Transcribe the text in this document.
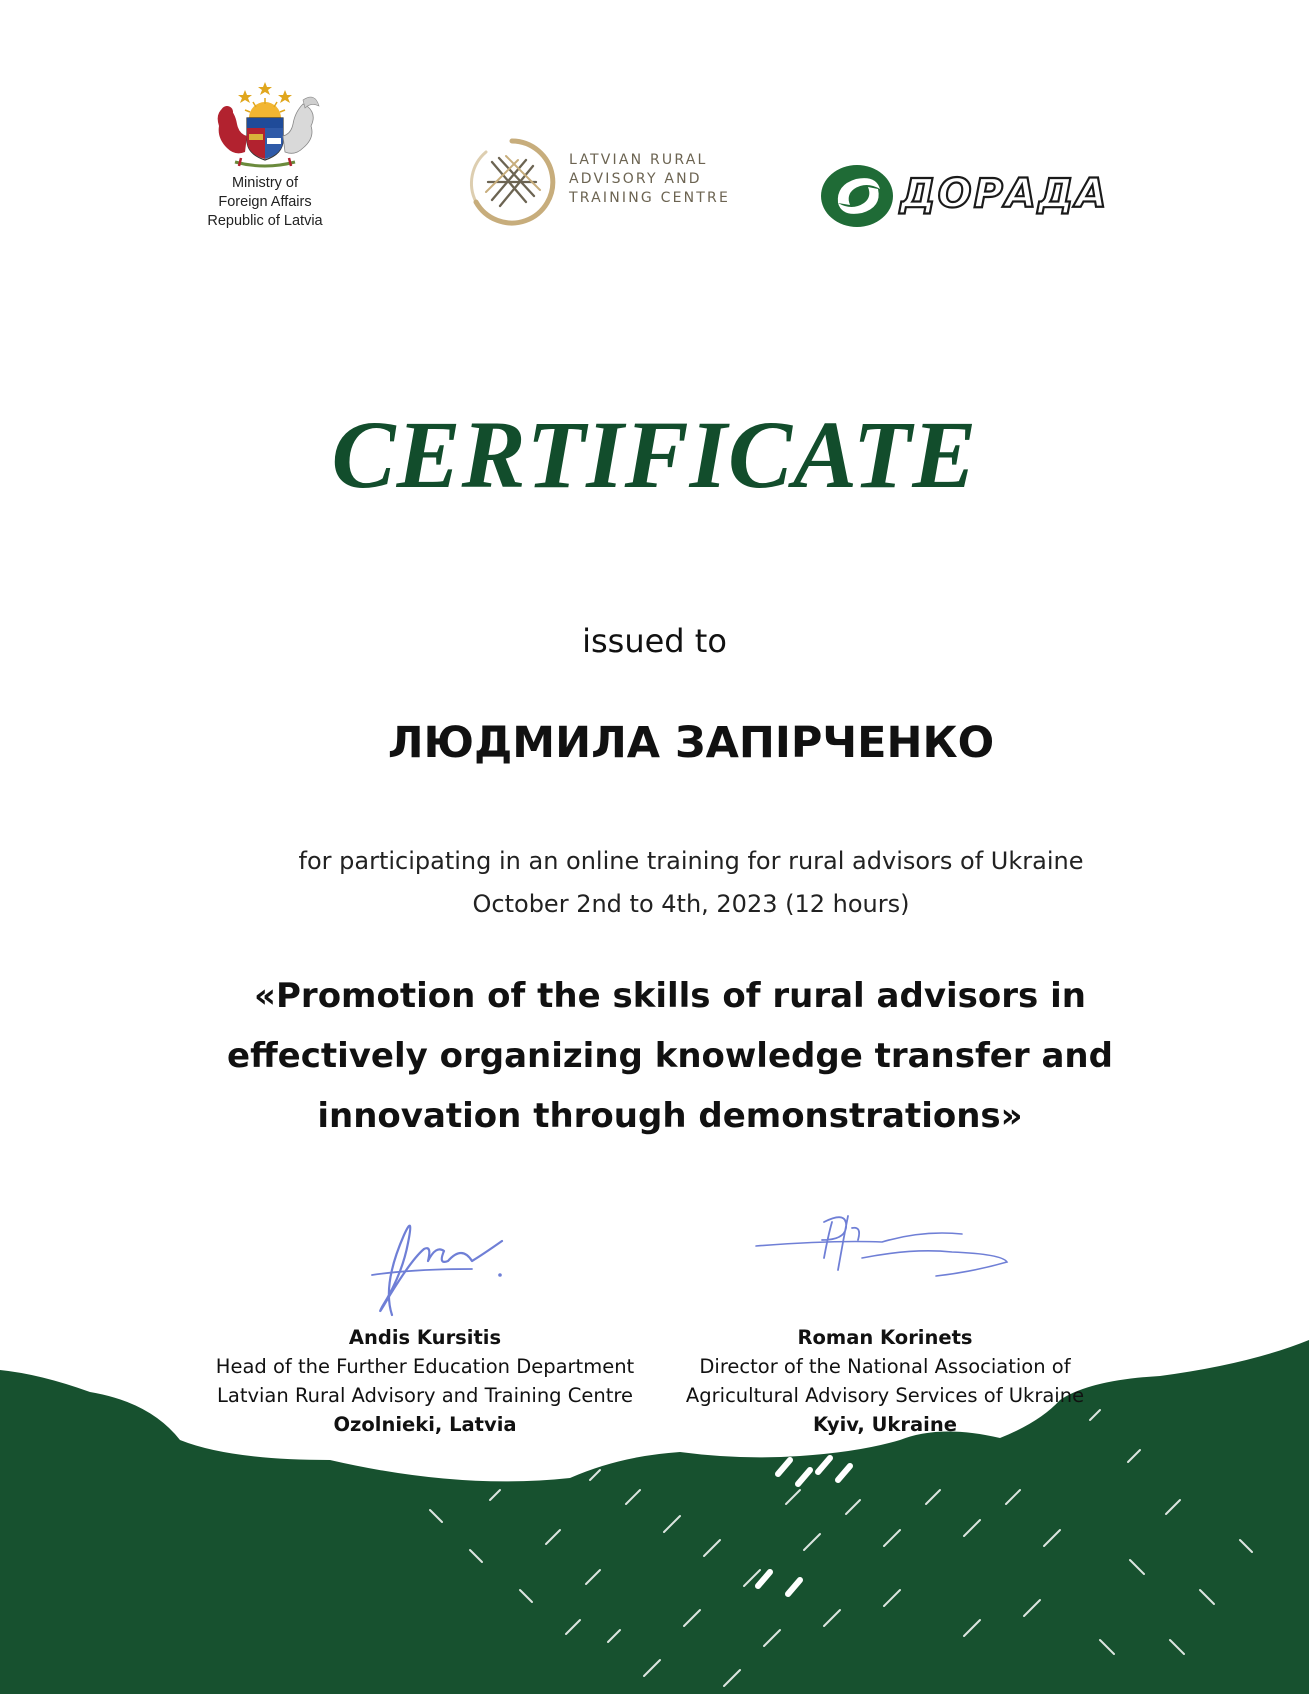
Ministry of
Foreign Affairs
Republic of Latvia
LATVIAN RURAL
ADVISORY AND
TRAINING CENTRE	ДОРАДА
CERTIFICATE
issued to
ЛЮДМИЛА ЗАПІРЧЕНКО
for participating in an online training for rural advisors of Ukraine
October 2nd to 4th, 2023 (12 hours)
«Promotion of the skills of rural advisors in
effectively organizing knowledge transfer and
innovation through demonstrations»
Andis Kursitis
Head of the Further Education Department
Latvian Rural Advisory and Training Centre
Ozolnieki, Latvia
Roman Korinets
Director of the National Association of
Agricultural Advisory Services of Ukraine
Kyiv, Ukraine
